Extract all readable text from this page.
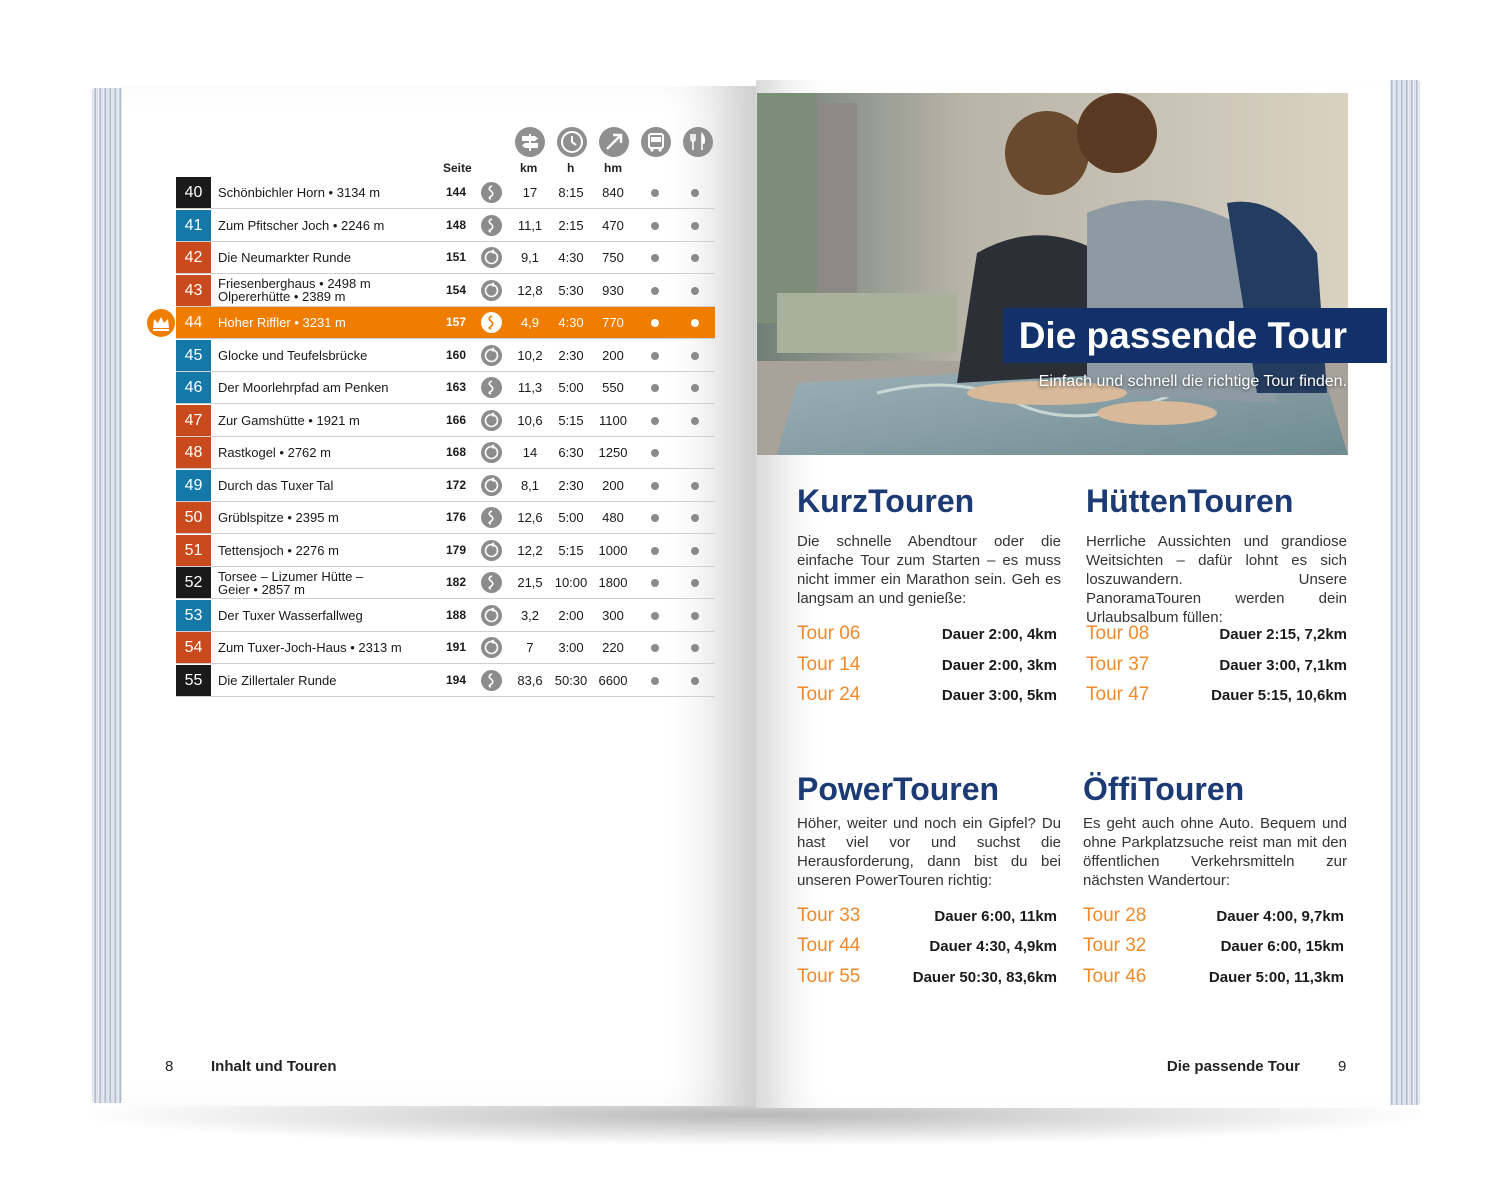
Seite	km h hm
40	Schönbichler Horn • 3134 m	144	17	8:15	840
41	Zum Pfitscher Joch • 2246 m	148	11,1	2:15	470
42	Die Neumarkter Runde	151	9,1	4:30	750
43	Friesenberghaus • 2498 m
Olpererhütte • 2389 m	154	12,8	5:30	930
44	Hoher Riffler • 3231 m	157	4,9	4:30	770
45	Glocke und Teufelsbrücke	160	10,2	2:30	200
46	Der Moorlehrpfad am Penken	163	11,3	5:00	550
47	Zur Gamshütte • 1921 m	166	10,6	5:15	1100
48	Rastkogel • 2762 m	168	14	6:30	1250
49	Durch das Tuxer Tal	172	8,1	2:30	200
50	Grüblspitze • 2395 m	176	12,6	5:00	480
51	Tettensjoch • 2276 m	179	12,2	5:15	1000
52	Torsee – Lizumer Hütte –
Geier • 2857 m	182	21,5 10:00 1800
53	Der Tuxer Wasserfallweg	188	3,2	2:00	300
54	Zum Tuxer-Joch-Haus • 2313 m	191	7	3:00	220
55	Die Zillertaler Runde	194	83,6 50:30 6600
8	Inhalt und Touren
Die passende Tour
Einfach und schnell die richtige Tour finden.
KurzTouren
Die schnelle Abendtour oder die einfache Tour zum Starten – es muss nicht immer ein Marathon sein. Geh es langsam an und genieße:
Tour 06	Dauer 2:00, 4km
Tour 14	Dauer 2:00, 3km
Tour 24	Dauer 3:00, 5km
HüttenTouren
Herrliche Aussichten und grandiose Weitsichten – dafür lohnt es sich loszuwandern. Unsere PanoramaTouren werden dein Urlaubsalbum füllen:
Tour 08	Dauer 2:15, 7,2km
Tour 37	Dauer 3:00, 7,1km
Tour 47	Dauer 5:15, 10,6km
PowerTouren
Höher, weiter und noch ein Gipfel? Du hast viel vor und suchst die Herausforderung, dann bist du bei unseren PowerTouren richtig:
Tour 33	Dauer 6:00, 11km
Tour 44	Dauer 4:30, 4,9km
Tour 55	Dauer 50:30, 83,6km
ÖffiTouren
Es geht auch ohne Auto. Bequem und ohne Parkplatzsuche reist man mit den öffentlichen Verkehrsmitteln zur nächsten Wandertour:
Tour 28	Dauer 4:00, 9,7km
Tour 32	Dauer 6:00, 15km
Tour 46	Dauer 5:00, 11,3km
Die passende Tour	9
